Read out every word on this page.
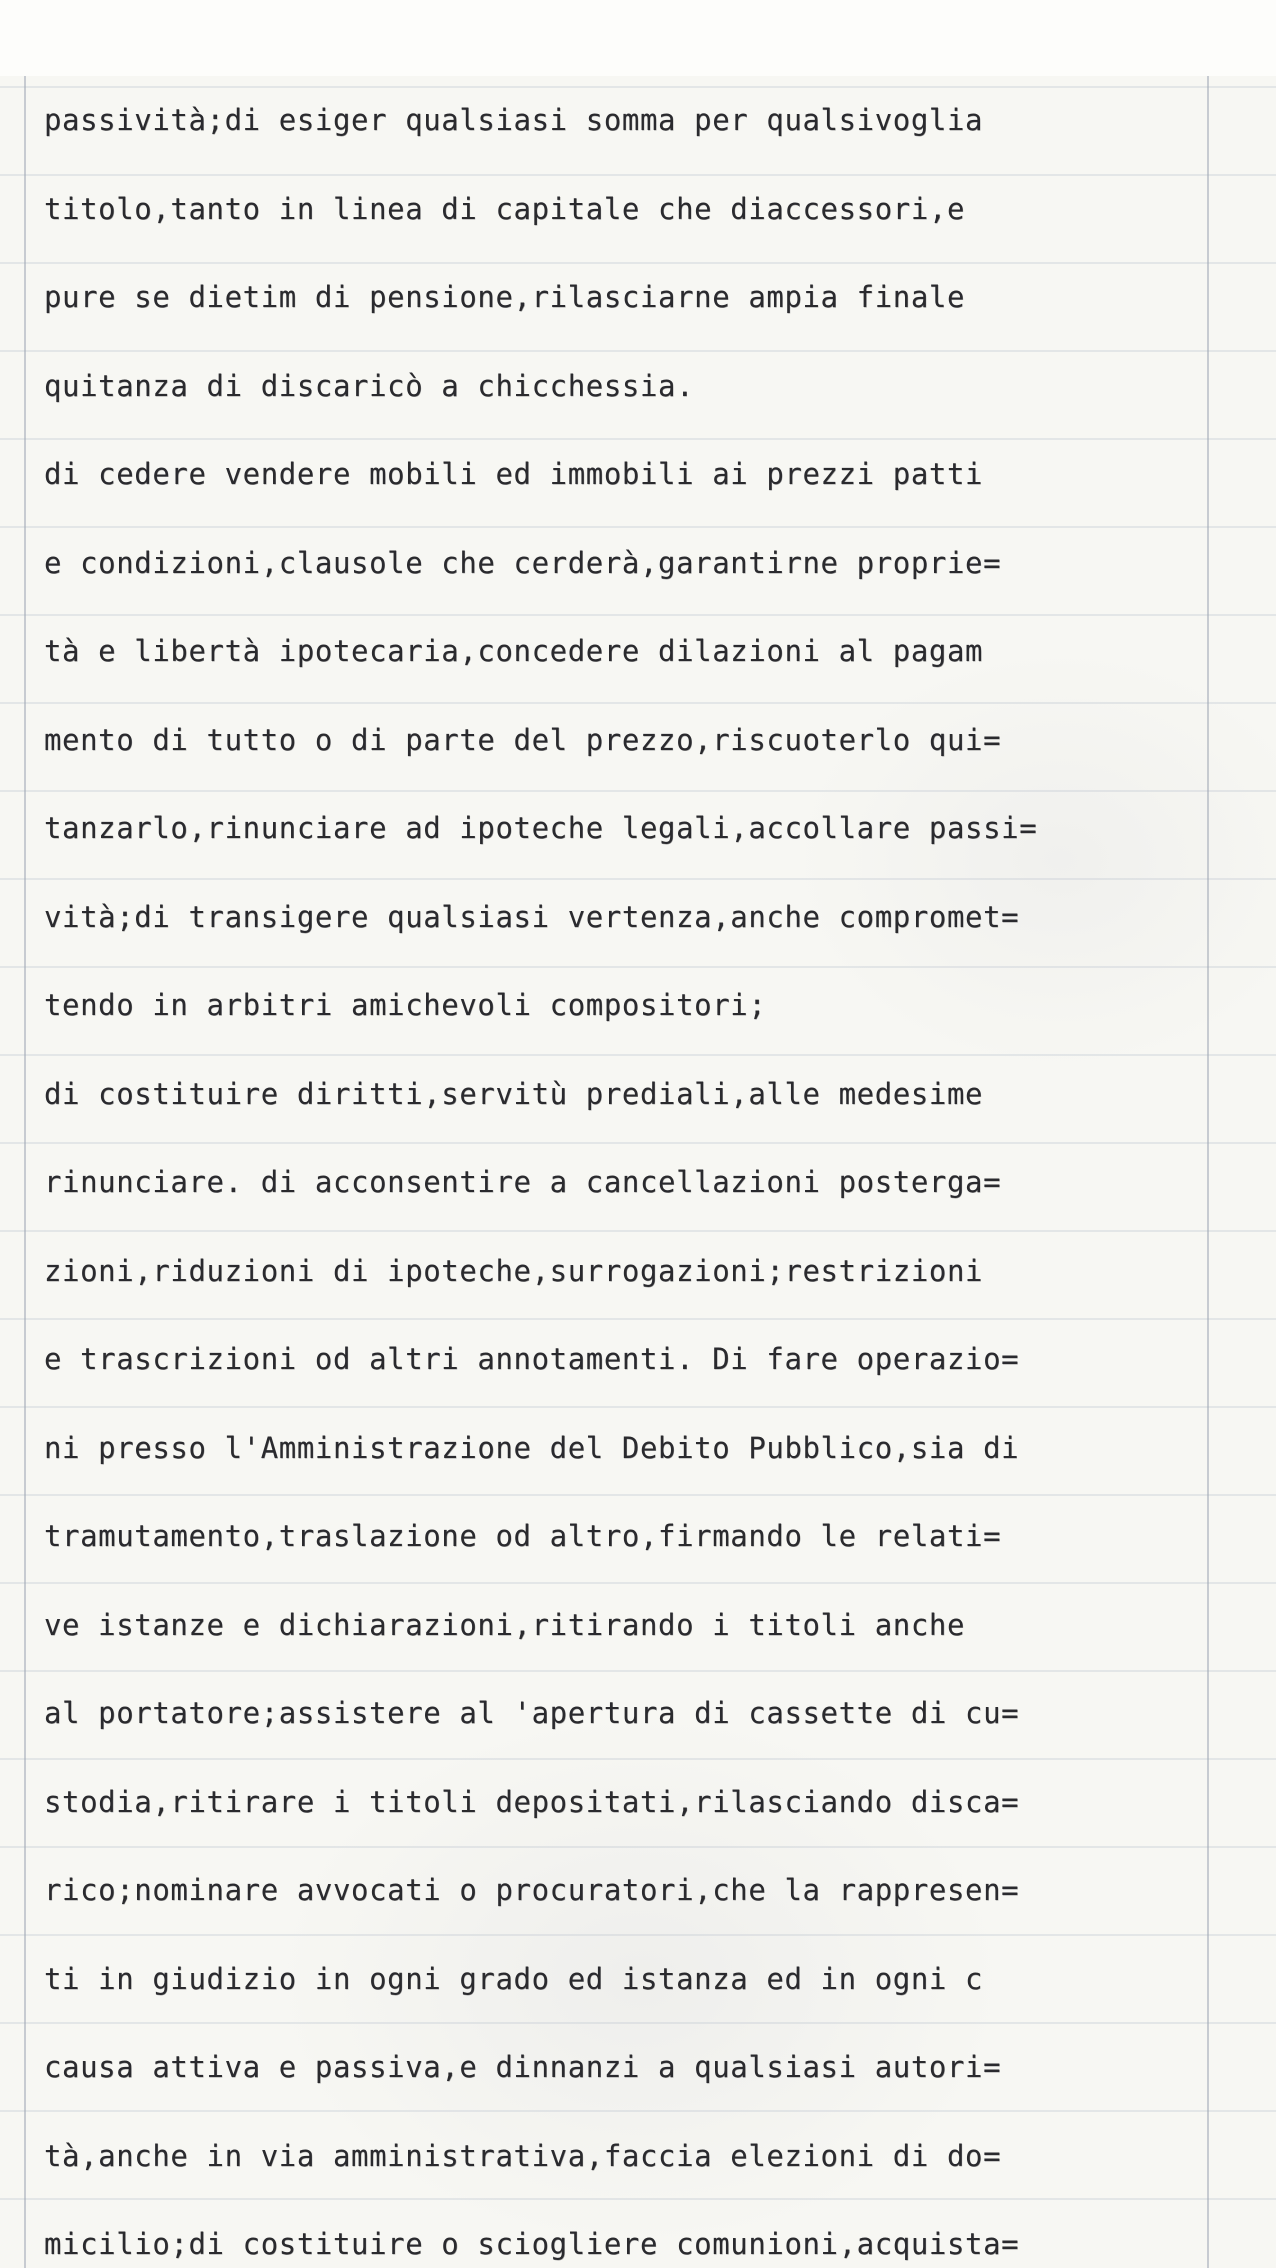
passività;di esiger qualsiasi somma per qualsivoglia
titolo,tanto in linea di capitale che diaccessori,e
pure se dietim di pensione,rilasciarne ampia finale
quitanza di discaricò a chicchessia.
di cedere vendere mobili ed immobili ai prezzi patti
e condizioni,clausole che cerderà,garantirne proprie=
tà e libertà ipotecaria,concedere dilazioni al pagam
mento di tutto o di parte del prezzo,riscuoterlo qui=
tanzarlo,rinunciare ad ipoteche legali,accollare passi=
vità;di transigere qualsiasi vertenza,anche compromet=
tendo in arbitri amichevoli compositori;
di costituire diritti,servitù prediali,alle medesime
rinunciare. di acconsentire a cancellazioni posterga=
zioni,riduzioni di ipoteche,surrogazioni;restrizioni
e trascrizioni od altri annotamenti. Di fare operazio=
ni presso l'Amministrazione del Debito Pubblico,sia di
tramutamento,traslazione od altro,firmando le relati=
ve istanze e dichiarazioni,ritirando i titoli anche
al portatore;assistere al 'apertura di cassette di cu=
stodia,ritirare i titoli depositati,rilasciando disca=
rico;nominare avvocati o procuratori,che la rappresen=
ti in giudizio in ogni grado ed istanza ed in ogni c
causa attiva e passiva,e dinnanzi a qualsiasi autori=
tà,anche in via amministrativa,faccia elezioni di do=
micilio;di costituire o sciogliere comunioni,acquista=
